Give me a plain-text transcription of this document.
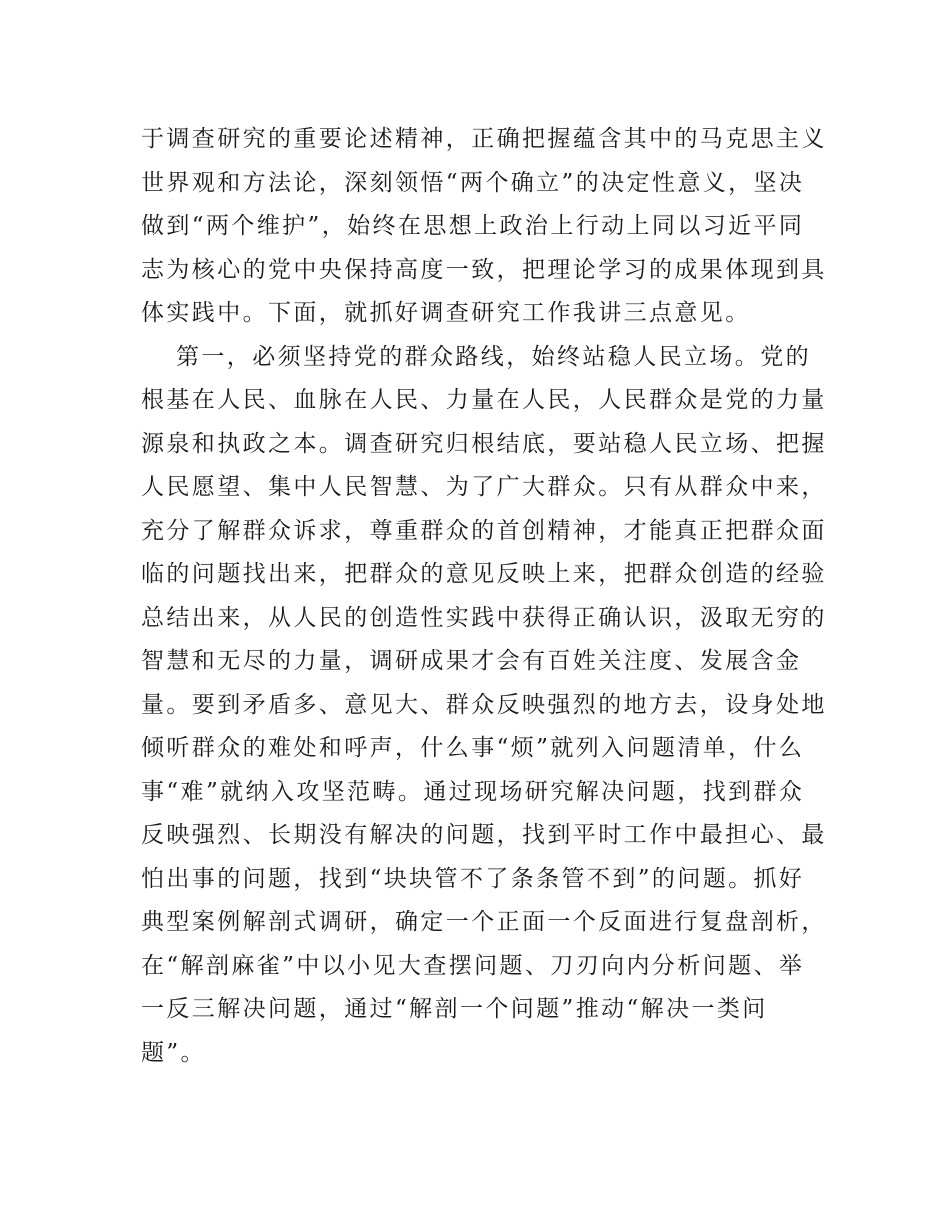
于调查研究的重要论述精神，正确把握蕴含其中的马克思主义
世界观和方法论，深刻领悟“两个确立”的决定性意义，坚决
做到“两个维护”，始终在思想上政治上行动上同以习近平同
志为核心的党中央保持高度一致，把理论学习的成果体现到具
体实践中。下面，就抓好调查研究工作我讲三点意见。
第一，必须坚持党的群众路线，始终站稳人民立场。党的
根基在人民、血脉在人民、力量在人民，人民群众是党的力量
源泉和执政之本。调查研究归根结底，要站稳人民立场、把握
人民愿望、集中人民智慧、为了广大群众。只有从群众中来，
充分了解群众诉求，尊重群众的首创精神，才能真正把群众面
临的问题找出来，把群众的意见反映上来，把群众创造的经验
总结出来，从人民的创造性实践中获得正确认识，汲取无穷的
智慧和无尽的力量，调研成果才会有百姓关注度、发展含金
量。要到矛盾多、意见大、群众反映强烈的地方去，设身处地
倾听群众的难处和呼声，什么事“烦”就列入问题清单，什么
事“难”就纳入攻坚范畴。通过现场研究解决问题，找到群众
反映强烈、长期没有解决的问题，找到平时工作中最担心、最
怕出事的问题，找到“块块管不了条条管不到”的问题。抓好
典型案例解剖式调研，确定一个正面一个反面进行复盘剖析，
在“解剖麻雀”中以小见大查摆问题、刀刃向内分析问题、举
一反三解决问题，通过“解剖一个问题”推动“解决一类问
题”。
